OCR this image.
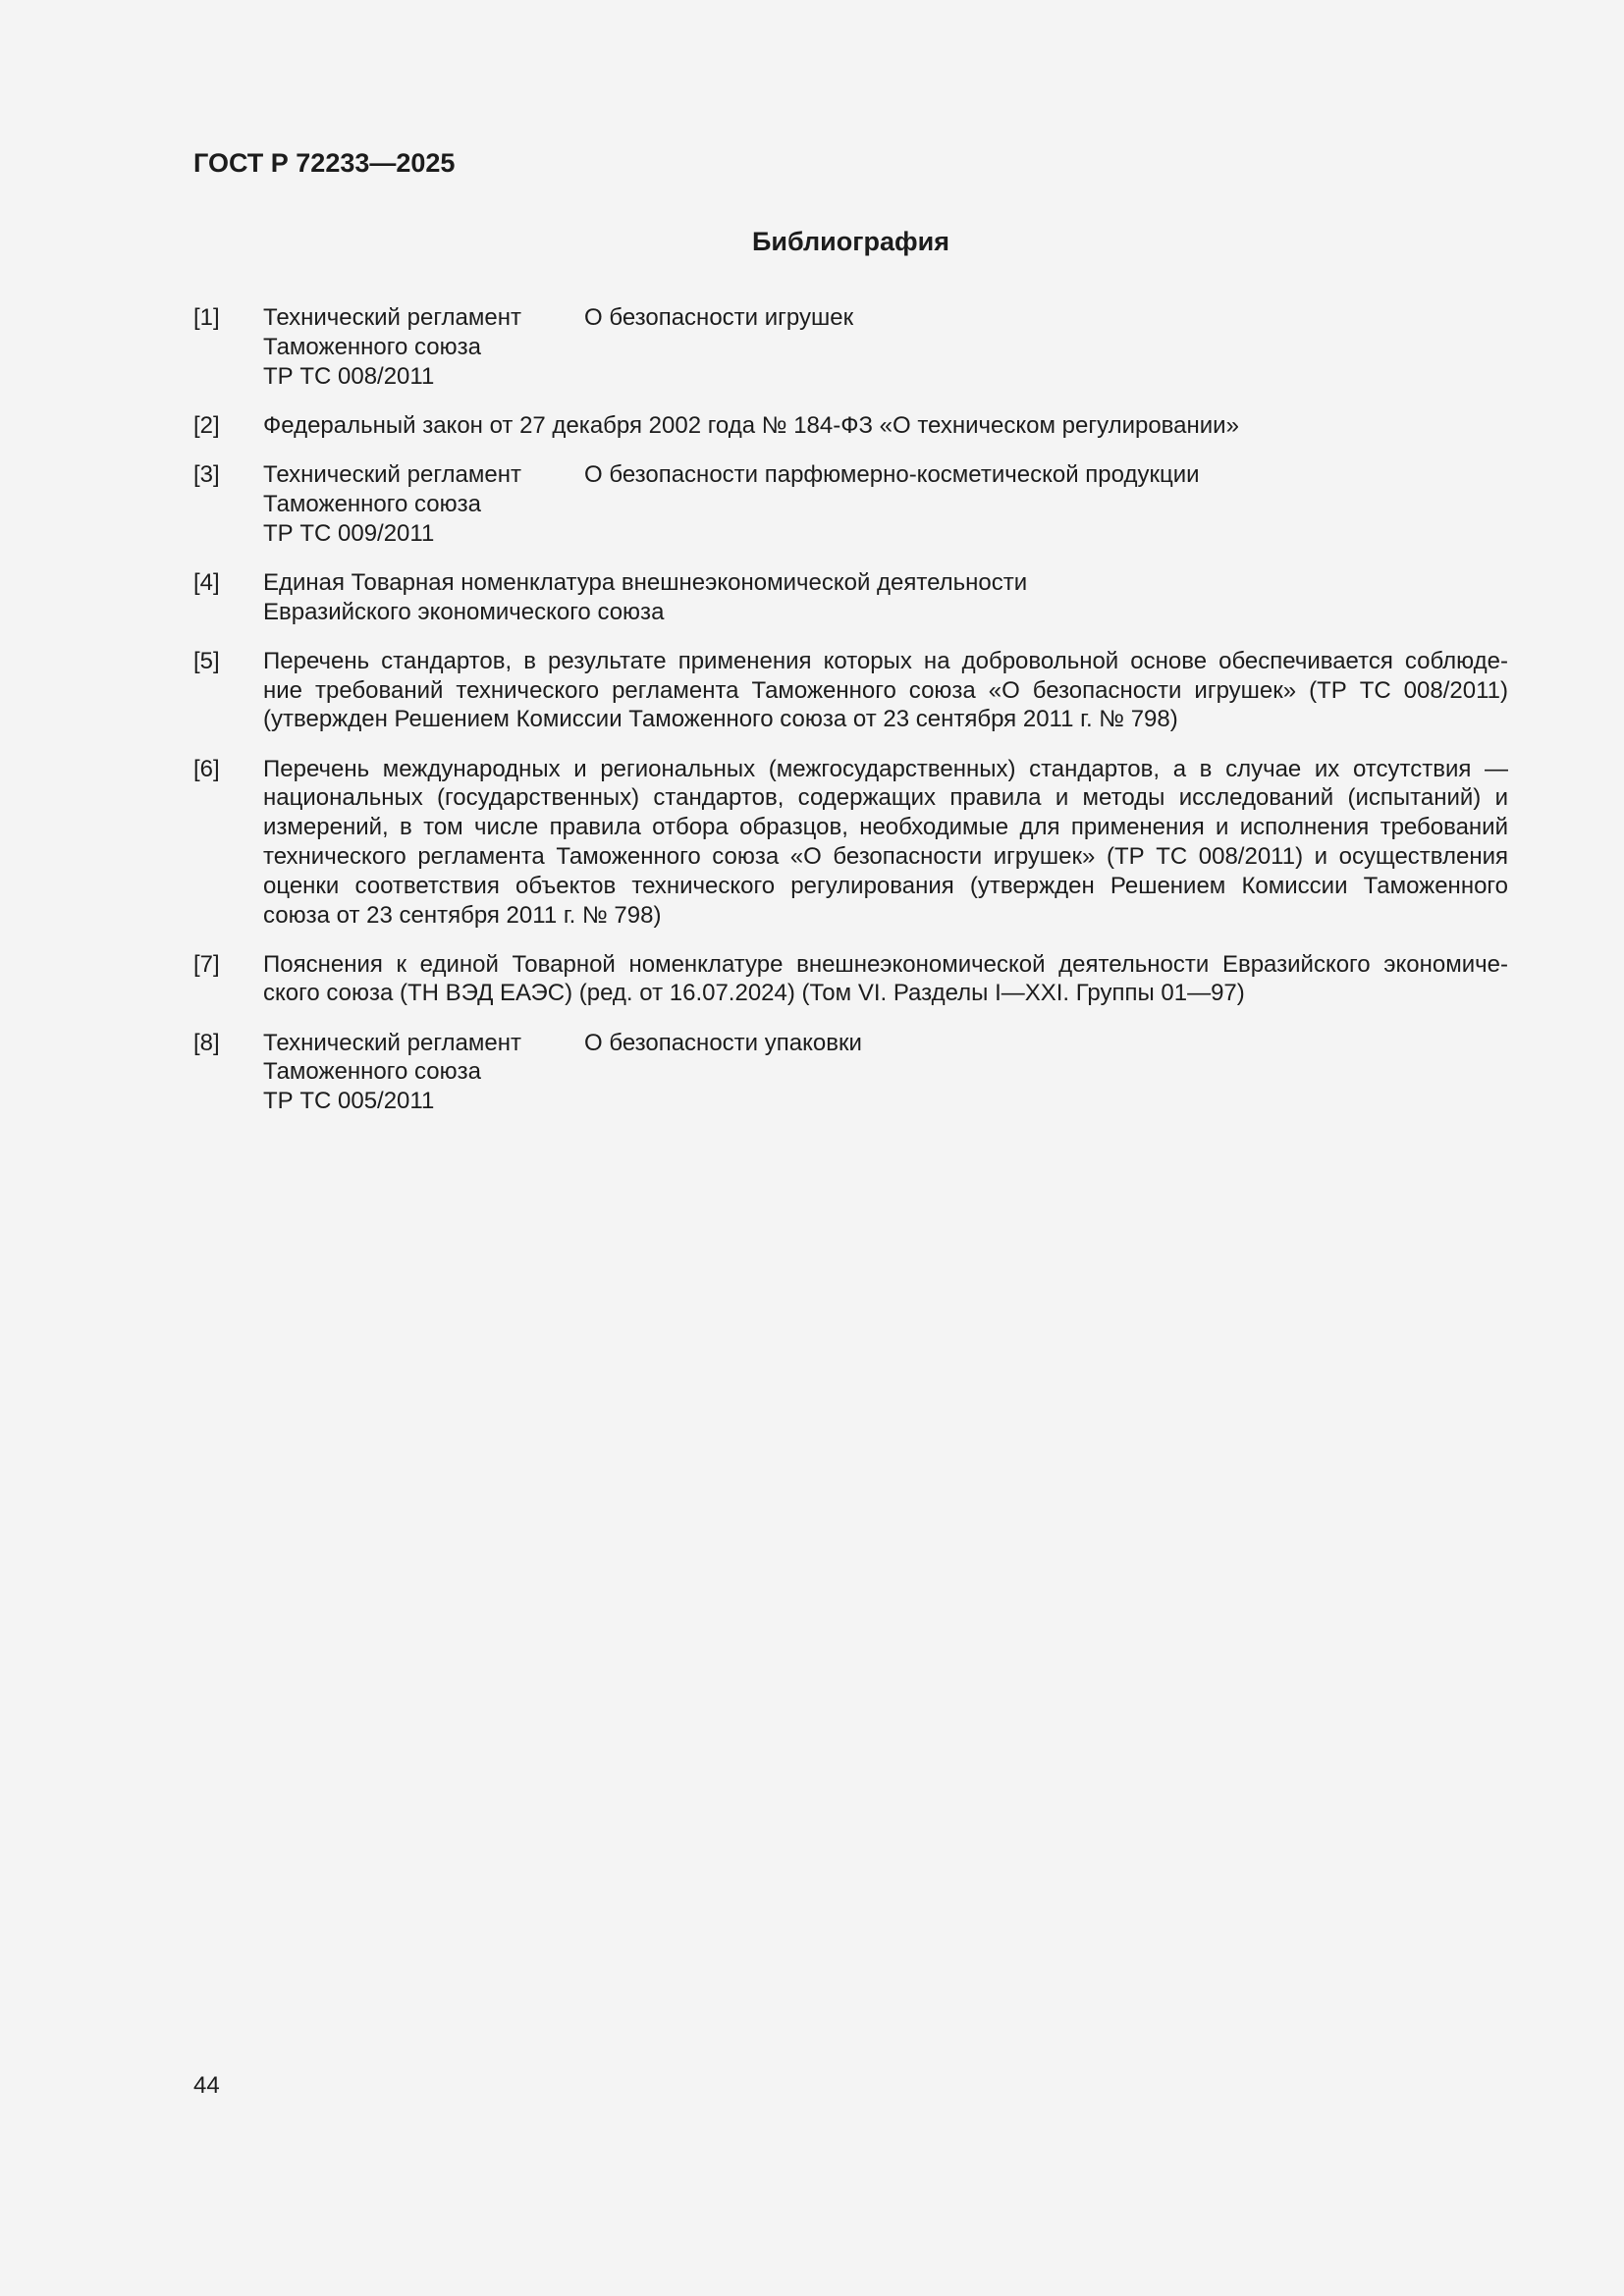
ГОСТ Р 72233—2025
Библиография
[1] Технический регламент
Таможенного союза
ТР ТС 008/2011
О безопасности игрушек
[2] Федеральный закон от 27 декабря 2002 года № 184-ФЗ «О техническом регулировании»
[3] Технический регламент
Таможенного союза
ТР ТС 009/2011
О безопасности парфюмерно-косметической продукции
[4] Единая Товарная номенклатура внешнеэкономической деятельности
Евразийского экономического союза
[5] Перечень стандартов, в результате применения которых на добровольной основе обеспечивается соблюде-
ние требований технического регламента Таможенного союза «О безопасности игрушек» (ТР ТС 008/2011)
(утвержден Решением Комиссии Таможенного союза от 23 сентября 2011 г. № 798)
[6] Перечень международных и региональных (межгосударственных) стандартов, а в случае их отсутствия —
национальных (государственных) стандартов, содержащих правила и методы исследований (испытаний) и
измерений, в том числе правила отбора образцов, необходимые для применения и исполнения требований
технического регламента Таможенного союза «О безопасности игрушек» (ТР ТС 008/2011) и осуществления
оценки соответствия объектов технического регулирования (утвержден Решением Комиссии Таможенного
союза от 23 сентября 2011 г. № 798)
[7] Пояснения к единой Товарной номенклатуре внешнеэкономической деятельности Евразийского экономиче-
ского союза (ТН ВЭД ЕАЭС) (ред. от 16.07.2024) (Том VI. Разделы I—XXI. Группы 01—97)
[8] Технический регламент
Таможенного союза
ТР ТС 005/2011
О безопасности упаковки
44
